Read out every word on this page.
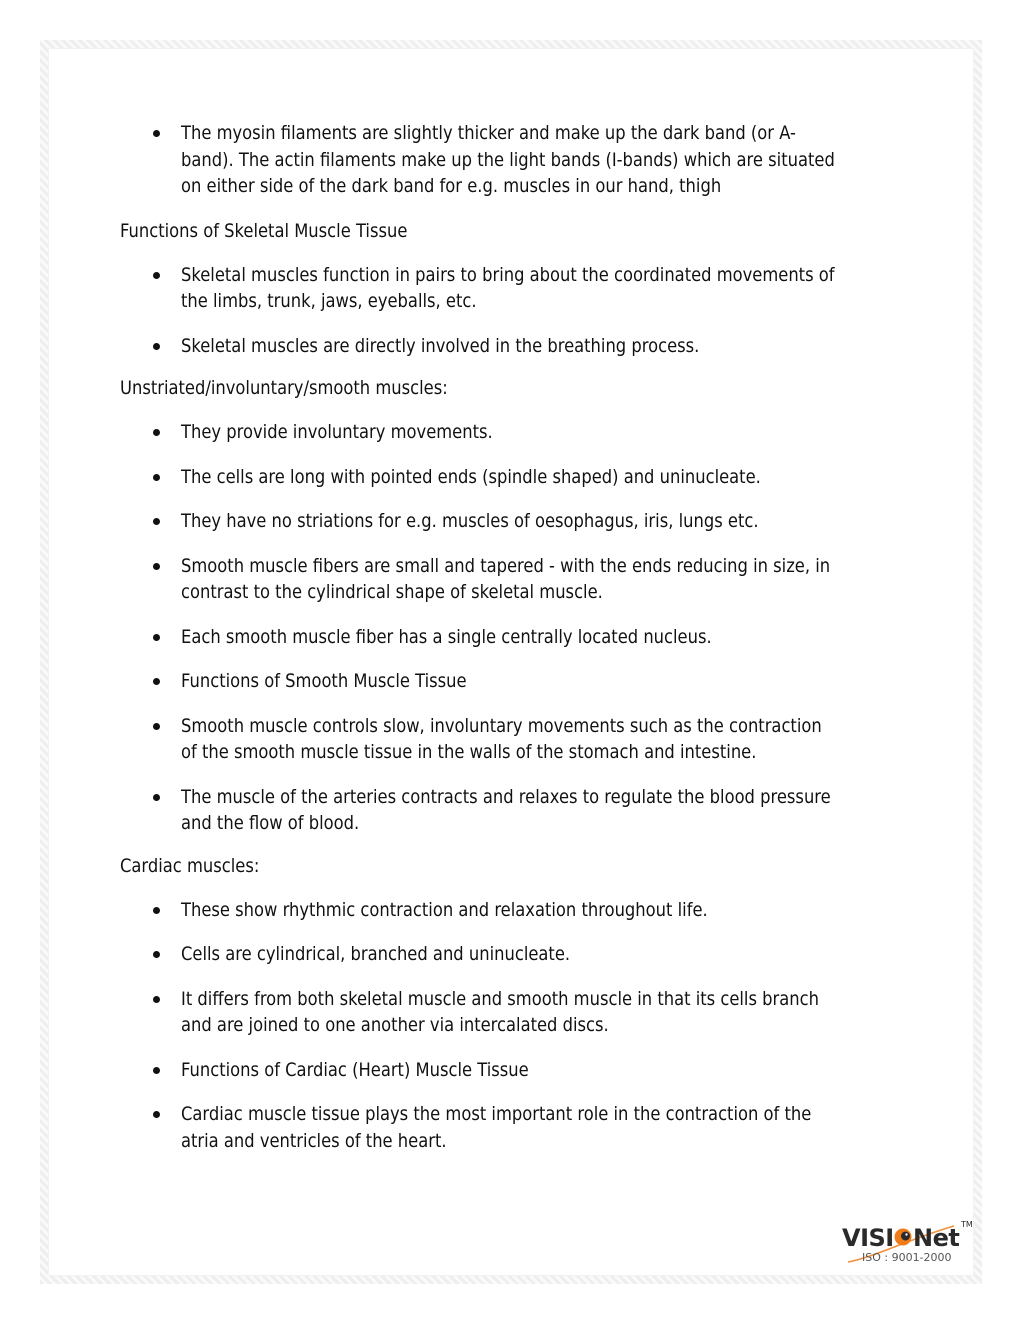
The myosin filaments are slightly thicker and make up the dark band (or A-
band). The actin filaments make up the light bands (I-bands) which are situated
on either side of the dark band for e.g. muscles in our hand, thigh

Functions of Skeletal Muscle Tissue

Skeletal muscles function in pairs to bring about the coordinated movements of
the limbs, trunk, jaws, eyeballs, etc.
Skeletal muscles are directly involved in the breathing process.

Unstriated/involuntary/smooth muscles:

They provide involuntary movements.
The cells are long with pointed ends (spindle shaped) and uninucleate.
They have no striations for e.g. muscles of oesophagus, iris, lungs etc.
Smooth muscle fibers are small and tapered - with the ends reducing in size, in
contrast to the cylindrical shape of skeletal muscle.
Each smooth muscle fiber has a single centrally located nucleus.
Functions of Smooth Muscle Tissue
Smooth muscle controls slow, involuntary movements such as the contraction
of the smooth muscle tissue in the walls of the stomach and intestine.
The muscle of the arteries contracts and relaxes to regulate the blood pressure
and the flow of blood.

Cardiac muscles:

These show rhythmic contraction and relaxation throughout life.
Cells are cylindrical, branched and uninucleate.
It differs from both skeletal muscle and smooth muscle in that its cells branch
and are joined to one another via intercalated discs.
Functions of Cardiac (Heart) Muscle Tissue
Cardiac muscle tissue plays the most important role in the contraction of the
atria and ventricles of the heart.
VISI Net TM
ISO : 9001-2000
